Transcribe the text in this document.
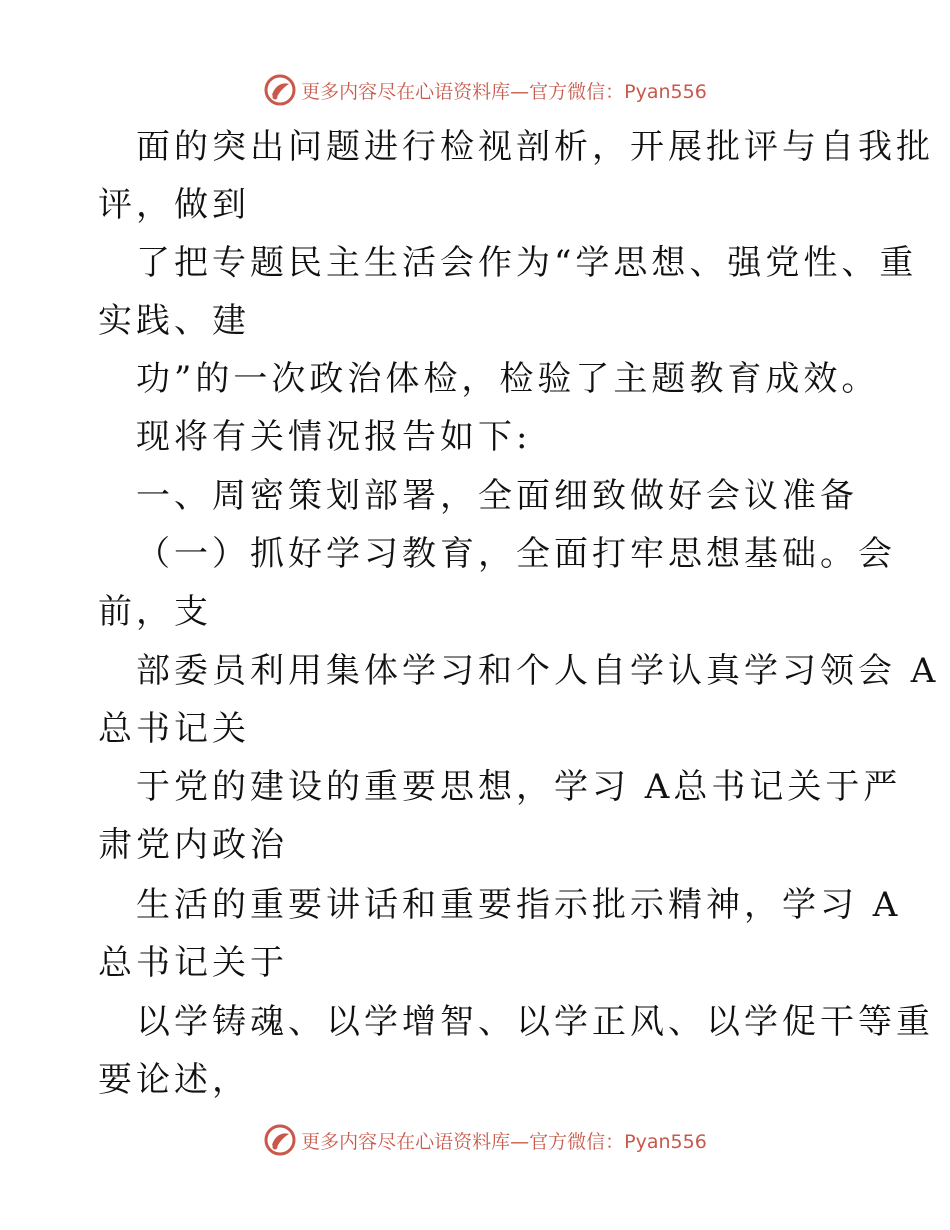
更多内容尽在心语资料库—官方微信：Pyan556
面的突出问题进行检视剖析，开展批评与自我批
评，做到
了把专题民主生活会作为“学思想、强党性、重
实践、建
功”的一次政治体检，检验了主题教育成效。
现将有关情况报告如下:
一、周密策划部署，全面细致做好会议准备
（一）抓好学习教育，全面打牢思想基础。会
前，支
部委员利用集体学习和个人自学认真学习领会 A
总书记关
于党的建设的重要思想，学习 A总书记关于严
肃党内政治
生活的重要讲话和重要指示批示精神，学习 A
总书记关于
以学铸魂、以学增智、以学正风、以学促干等重
要论述，
更多内容尽在心语资料库—官方微信：Pyan556
